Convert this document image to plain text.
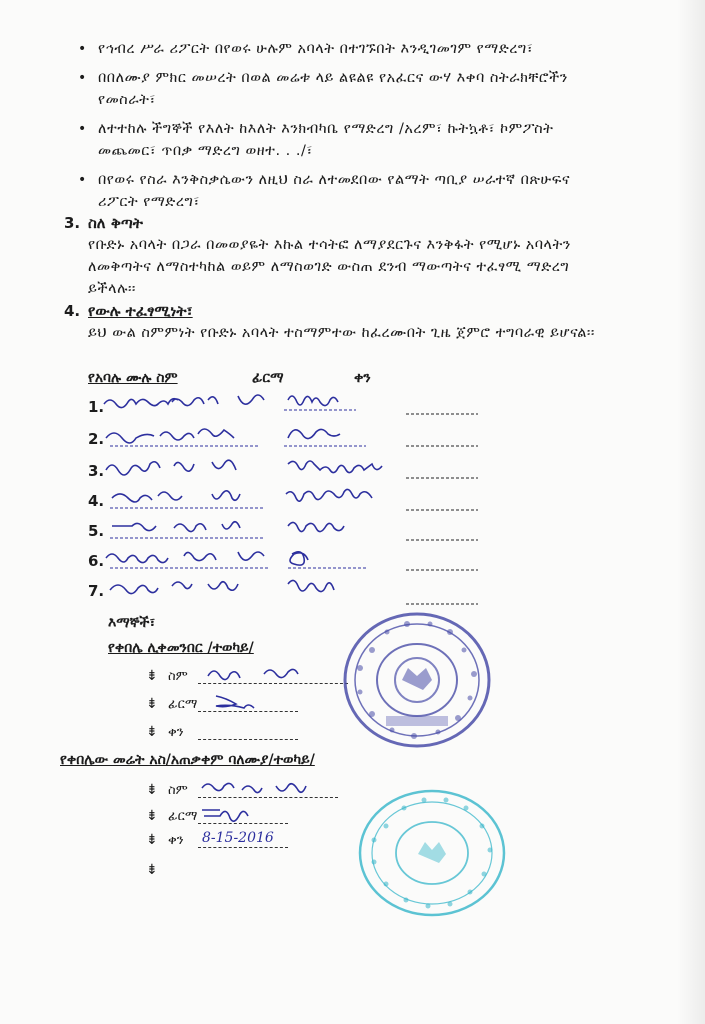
• የኅብረ ሥራ ሪፖርት በየወሩ ሁሉም አባላት በተገኙበት እንዲገመገም የማድረግ፣
• በበለሙያ ምክር መሠረት በወል መሬቱ ላይ ልዩልዩ የአፈርና ውሃ እቀባ ስትራክቸሮችን የመስራት፣
• ለተተከሉ ችግኞች የእለት ከእለት እንክብካቤ የማድረግ /አረም፣ ኩትኳቶ፣ ኮምፖስት መጨመር፣ ጥበቃ ማድረግ ወዘተ. . ./፣
• በየወሩ የስራ እንቅስቃሴውን ለዚህ ስራ ለተመደበው የልማት ጣቢያ ሠራተኛ በጽሁፍና ሪፖርት የማድረግ፣
3. ስለ ቅጣት
የቡድኑ አባላት በጋራ በመወያዬት እኩል ተሳትፎ ለማያደርጉና እንቅፋት የሚሆኑ አባላትን ለመቅጣትና ለማስተካከል ወይም ለማስወገድ ውስጠ ደንብ ማውጣትና ተፈፃሚ ማድረግ ይችላሉ፡፡
4. የውሉ ተፈፃሚነት፣
ይህ ውል ስምምነት የቡድኑ አባላት ተስማምተው ከፈረሙበት ጊዜ ጀምሮ ተግባራዊ ይሆናል፡፡
የአባሉ ሙሉ ስም	ፊርማ	ቀን
1.
2.
3.
4.
5.
6.
7.
እማኞች፣
የቀበሌ ሊቀመንበር /ተወካይ/
⇟ ስም
⇟ ፊርማ
⇟ ቀን
የቀበሌው መሬት አስ/አጠቃቀም ባለሙያ/ተወካይ/
⇟ ስም
⇟ ፊርማ
⇟ ቀን 8-15-2016
⇟
